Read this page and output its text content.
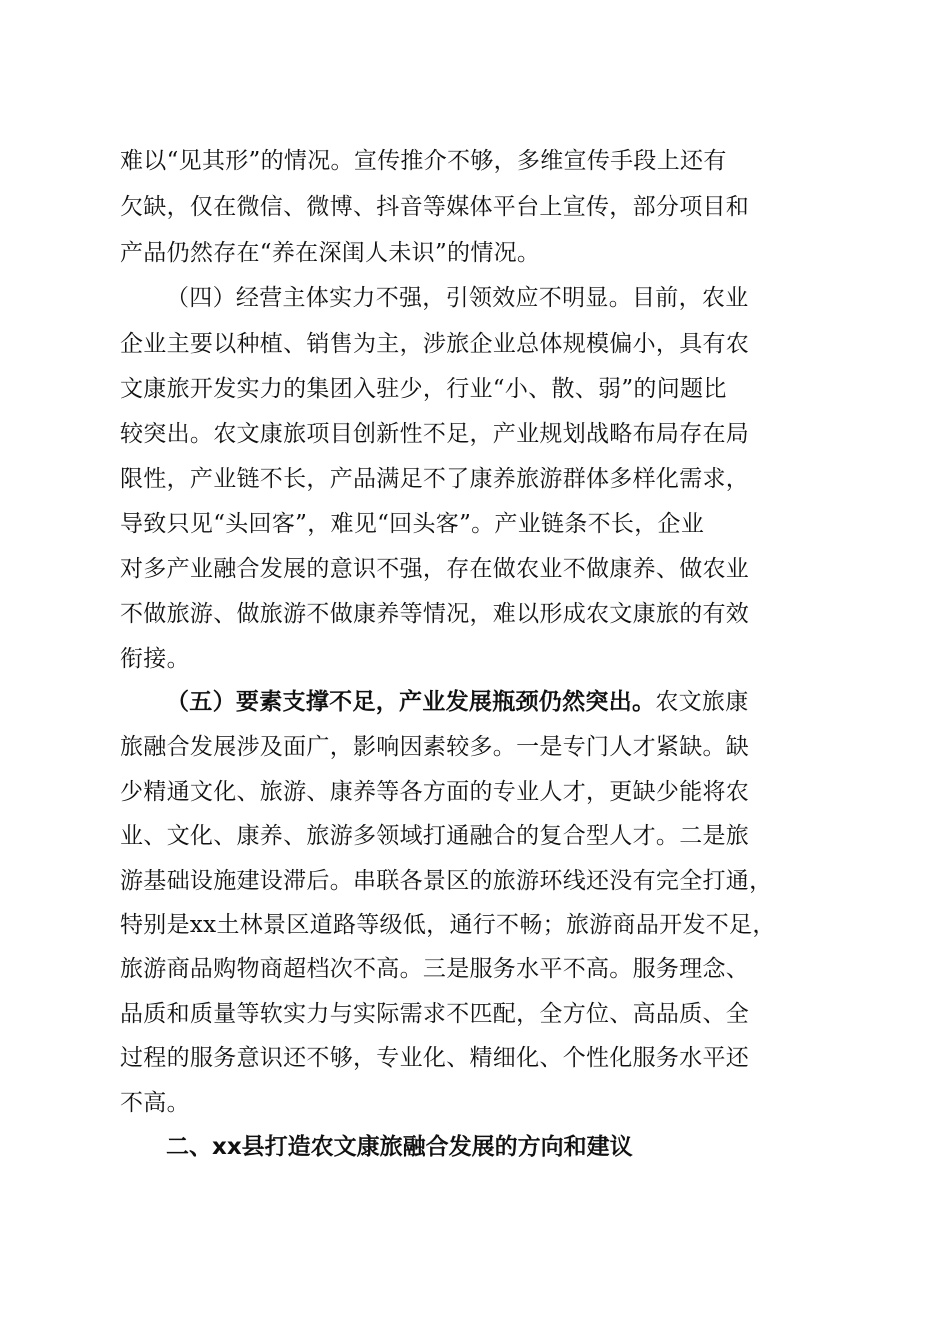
难以“见其形”的情况。宣传推介不够，多维宣传手段上还有
欠缺，仅在微信、微博、抖音等媒体平台上宣传，部分项目和
产品仍然存在“养在深闺人未识”的情况。
（四）经营主体实力不强，引领效应不明显。目前，农业
企业主要以种植、销售为主，涉旅企业总体规模偏小，具有农
文康旅开发实力的集团入驻少，行业“小、散、弱”的问题比
较突出。农文康旅项目创新性不足，产业规划战略布局存在局
限性，产业链不长，产品满足不了康养旅游群体多样化需求，
导致只见“头回客”，难见“回头客”。产业链条不长，企业
对多产业融合发展的意识不强，存在做农业不做康养、做农业
不做旅游、做旅游不做康养等情况，难以形成农文康旅的有效
衔接。
（五）要素支撑不足，产业发展瓶颈仍然突出。农文旅康
旅融合发展涉及面广，影响因素较多。一是专门人才紧缺。缺
少精通文化、旅游、康养等各方面的专业人才，更缺少能将农
业、文化、康养、旅游多领域打通融合的复合型人才。二是旅
游基础设施建设滞后。串联各景区的旅游环线还没有完全打通，
特别是xx土林景区道路等级低，通行不畅；旅游商品开发不足，
旅游商品购物商超档次不高。三是服务水平不高。服务理念、
品质和质量等软实力与实际需求不匹配，全方位、高品质、全
过程的服务意识还不够，专业化、精细化、个性化服务水平还
不高。
二、xx县打造农文康旅融合发展的方向和建议
